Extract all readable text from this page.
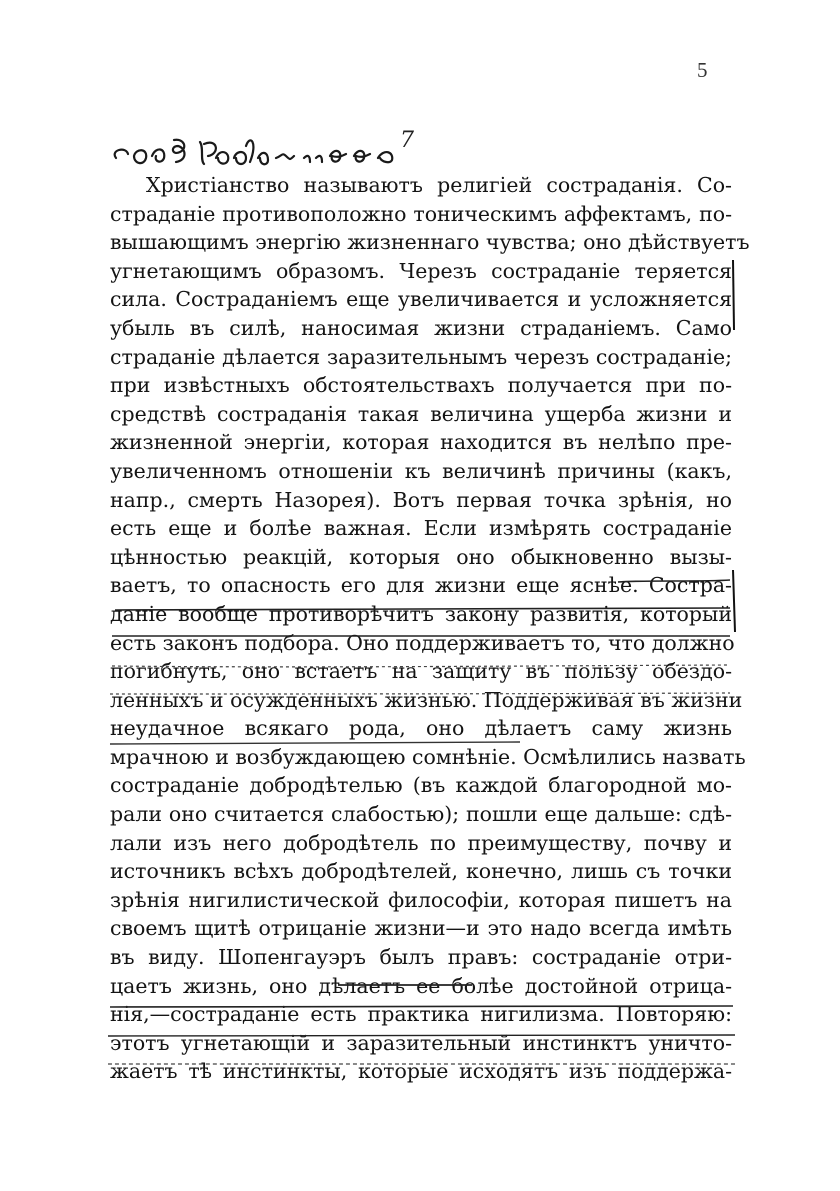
5
7
Христіанство называютъ религіей состраданія. Со-
страданіе противоположно тоническимъ аффектамъ, по-
вышающимъ энергію жизненнаго чувства; оно дѣйствуетъ
угнетающимъ образомъ. Черезъ состраданіе теряется
сила. Состраданіемъ еще увеличивается и усложняется
убыль въ силѣ, наносимая жизни страданіемъ. Само
страданіе дѣлается заразительнымъ черезъ состраданіе;
при извѣстныхъ обстоятельствахъ получается при по-
средствѣ состраданія такая величина ущерба жизни и
жизненной энергіи, которая находится въ нелѣпо пре-
увеличенномъ отношеніи къ величинѣ причины (какъ,
напр., смерть Назорея). Вотъ первая точка зрѣнія, но
есть еще и болѣе важная. Если измѣрять состраданіе
цѣнностью реакцій, которыя оно обыкновенно вызы-
ваетъ, то опасность его для жизни еще яснѣе. Состра-
даніе вообще противорѣчитъ закону развитія, который
есть законъ подбора. Оно поддерживаетъ то, что должно
погибнуть, оно встаетъ на защиту въ пользу обездо-
ленныхъ и осужденныхъ жизнью. Поддерживая въ жизни
неудачное всякаго рода, оно дѣлаетъ саму жизнь
мрачною и возбуждающею сомнѣніе. Осмѣлились назвать
состраданіе добродѣтелью (въ каждой благородной мо-
рали оно считается слабостью); пошли еще дальше: сдѣ-
лали изъ него добродѣтель по преимуществу, почву и
источникъ всѣхъ добродѣтелей, конечно, лишь съ точки
зрѣнія нигилистической философіи, которая пишетъ на
своемъ щитѣ отрицаніе жизни—и это надо всегда имѣть
въ виду. Шопенгауэръ былъ правъ: состраданіе отри-
цаетъ жизнь, оно дѣлаетъ ее болѣе достойной отрица-
нія,—состраданіе есть практика нигилизма. Повторяю:
этотъ угнетающій и заразительный инстинктъ уничто-
жаетъ тѣ инстинкты, которые исходятъ изъ поддержа-
